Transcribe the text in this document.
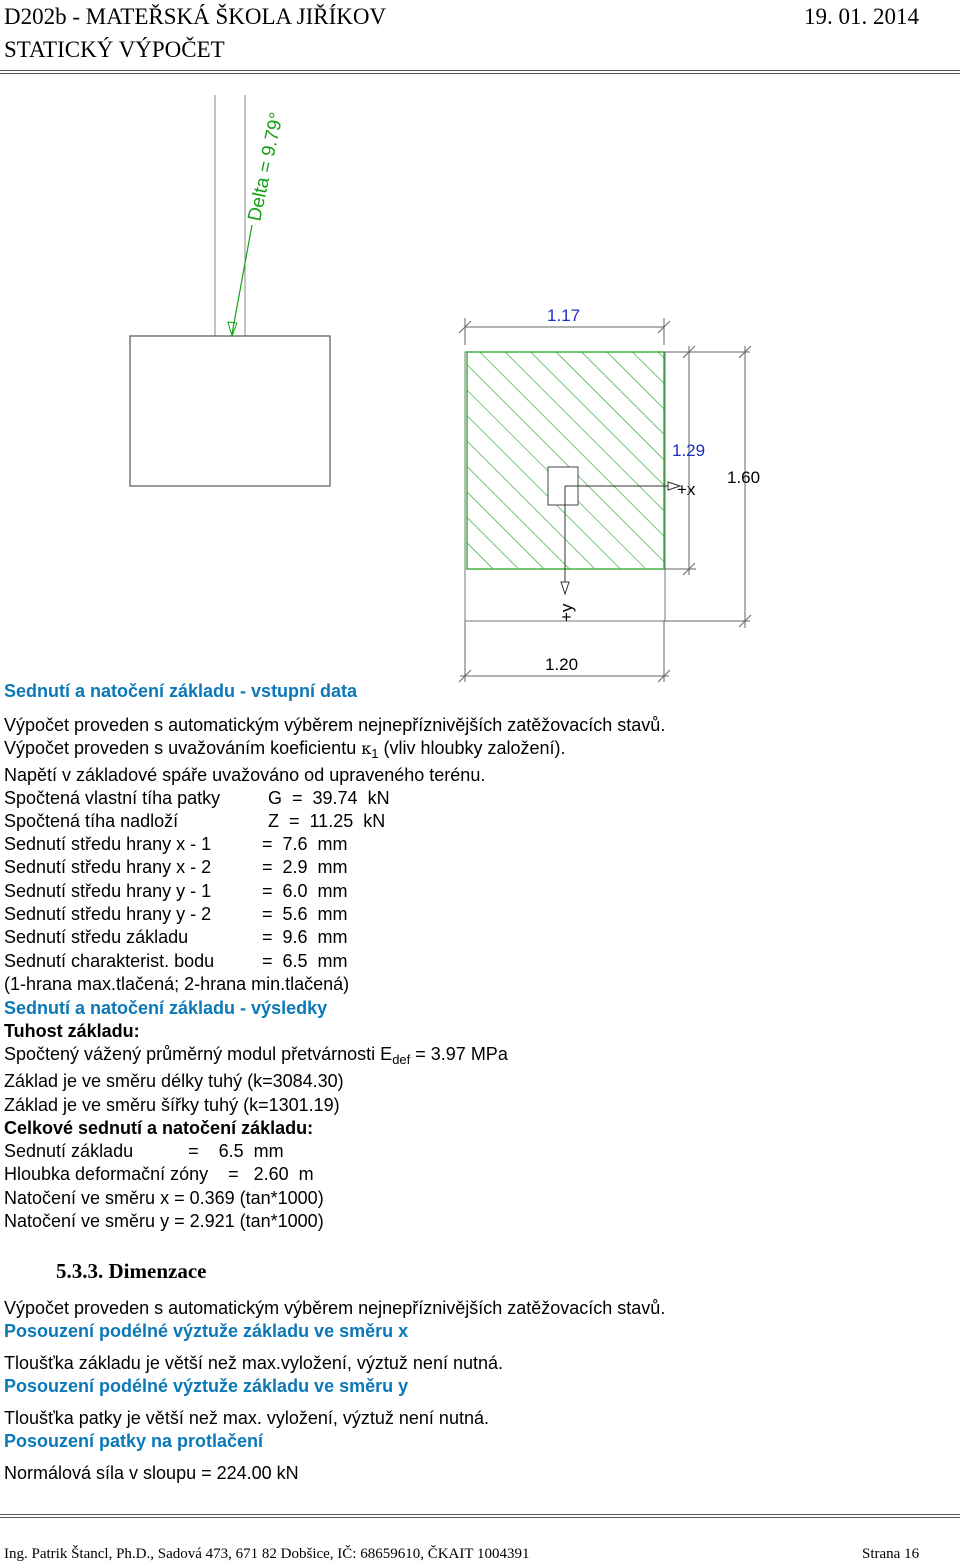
D202b - MATEŘSKÁ ŠKOLA JIŘÍKOV	19. 01. 2014
STATICKÝ VÝPOČET
Delta = 9.79°
1.17
+x
+y
1.29
1.60
1.20
Sednutí a natočení základu - vstupní data
Výpočet proveden s automatickým výběrem nejnepříznivějších zatěžovacích stavů.
Výpočet proveden s uvažováním koeficientu $\kappa_1$ (vliv hloubky založení).
Napětí v základové spáře uvažováno od upraveného terénu.
Spočtená vlastní tíha patky	G  =  39.74  kN
Spočtená tíha nadloží	Z  =  11.25  kN
Sednutí středu hrany x - 1	=  7.6  mm
Sednutí středu hrany x - 2	=  2.9  mm
Sednutí středu hrany y - 1	=  6.0  mm
Sednutí středu hrany y - 2	=  5.6  mm
Sednutí středu základu	=  9.6  mm
Sednutí charakterist. bodu	=  6.5  mm
(1-hrana max.tlačená; 2-hrana min.tlačená)
Sednutí a natočení základu - výsledky
Tuhost základu:
Spočtený vážený průměrný modul přetvárnosti $E_{def} = 3.97$ MPa
Základ je ve směru délky tuhý (k=3084.30)
Základ je ve směru šířky tuhý (k=1301.19)
Celkové sednutí a natočení základu:
Sednutí základu           =    6.5  mm
Hloubka deformační zóny    =   2.60  m
Natočení ve směru x = 0.369 (tan*1000)
Natočení ve směru y = 2.921 (tan*1000)
5.3.3. Dimenzace
Výpočet proveden s automatickým výběrem nejnepříznivějších zatěžovacích stavů.
Posouzení podélné výztuže základu ve směru x
Tloušťka základu je větší než max.vyložení, výztuž není nutná.
Posouzení podélné výztuže základu ve směru y
Tloušťka patky je větší než max. vyložení, výztuž není nutná.
Posouzení patky na protlačení
Normálová síla v sloupu = 224.00 kN
Ing. Patrik Štancl, Ph.D., Sadová 473, 671 82 Dobšice, IČ: 68659610, ČKAIT 1004391	Strana 16
